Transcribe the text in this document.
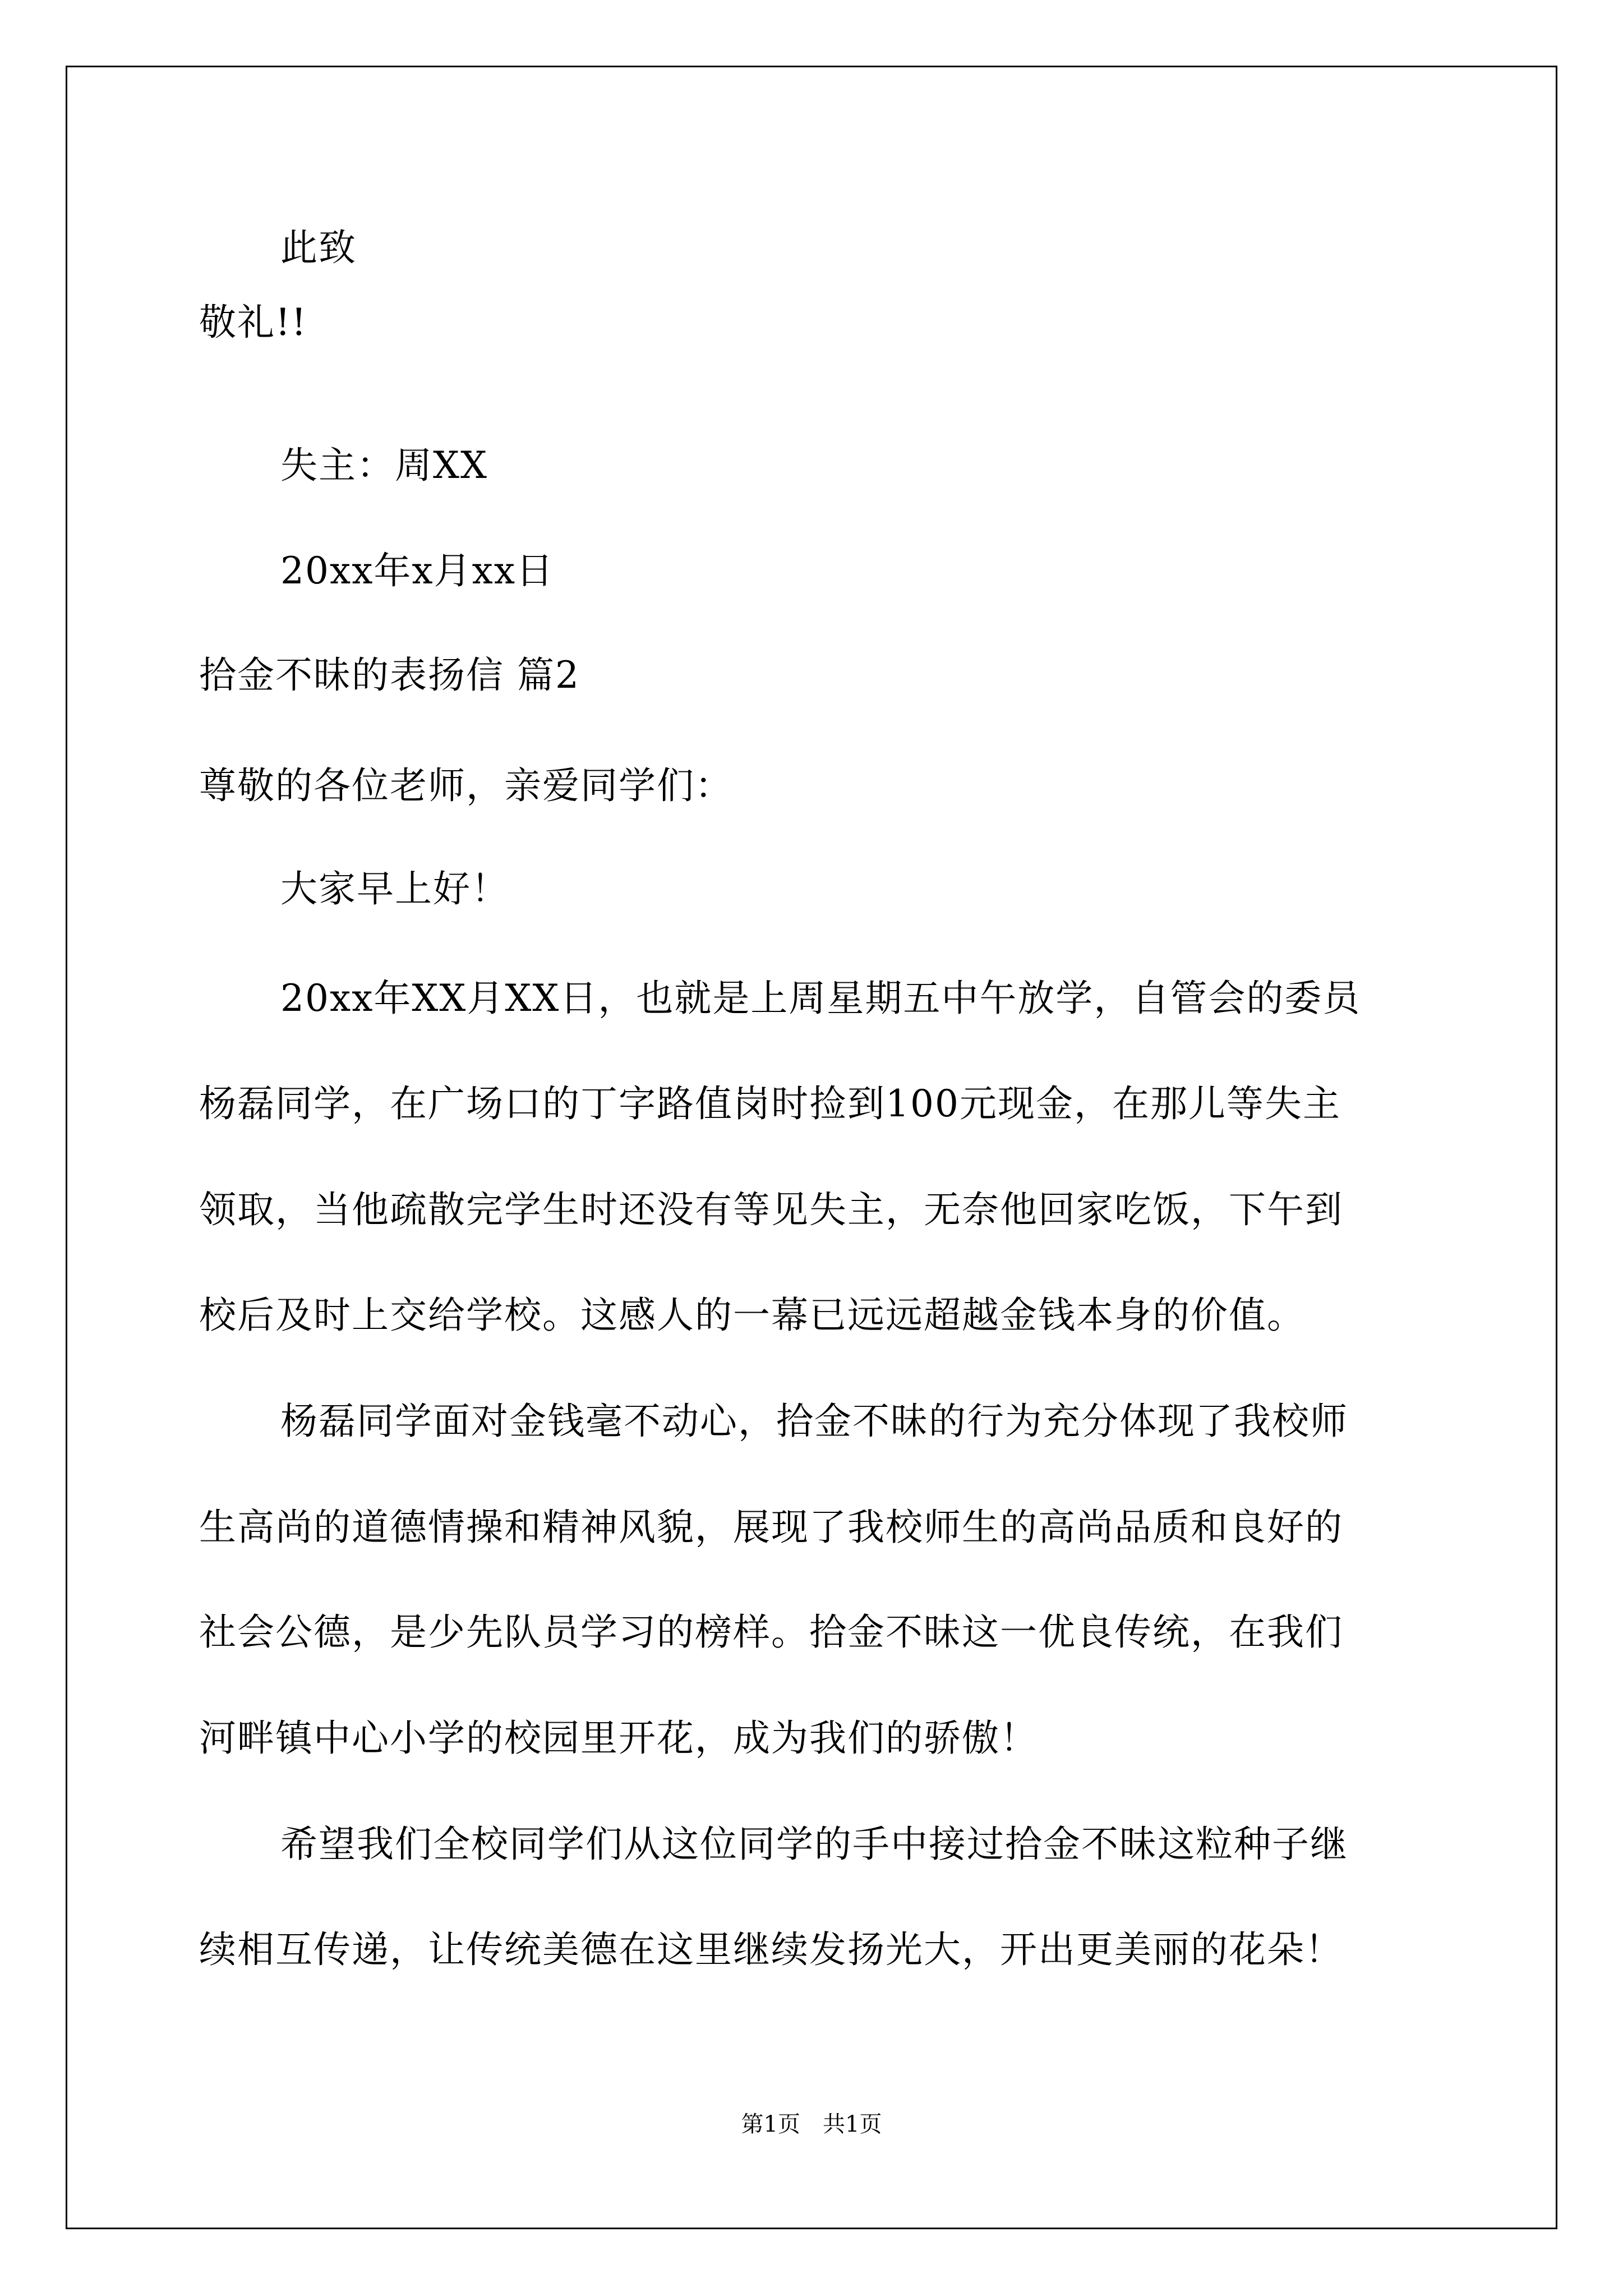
此致
敬礼!!
失主：周XX
20xx年x月xx日
拾金不昧的表扬信 篇2
尊敬的各位老师，亲爱同学们：
大家早上好！
20xx年XX月XX日，也就是上周星期五中午放学，自管会的委员
杨磊同学，在广场口的丁字路值岗时捡到100元现金，在那儿等失主
领取，当他疏散完学生时还没有等见失主，无奈他回家吃饭，下午到
校后及时上交给学校。这感人的一幕已远远超越金钱本身的价值。
杨磊同学面对金钱毫不动心，拾金不昧的行为充分体现了我校师
生高尚的道德情操和精神风貌，展现了我校师生的高尚品质和良好的
社会公德，是少先队员学习的榜样。拾金不昧这一优良传统，在我们
河畔镇中心小学的校园里开花，成为我们的骄傲！
希望我们全校同学们从这位同学的手中接过拾金不昧这粒种子继
续相互传递，让传统美德在这里继续发扬光大，开出更美丽的花朵！
第1页 共1页
